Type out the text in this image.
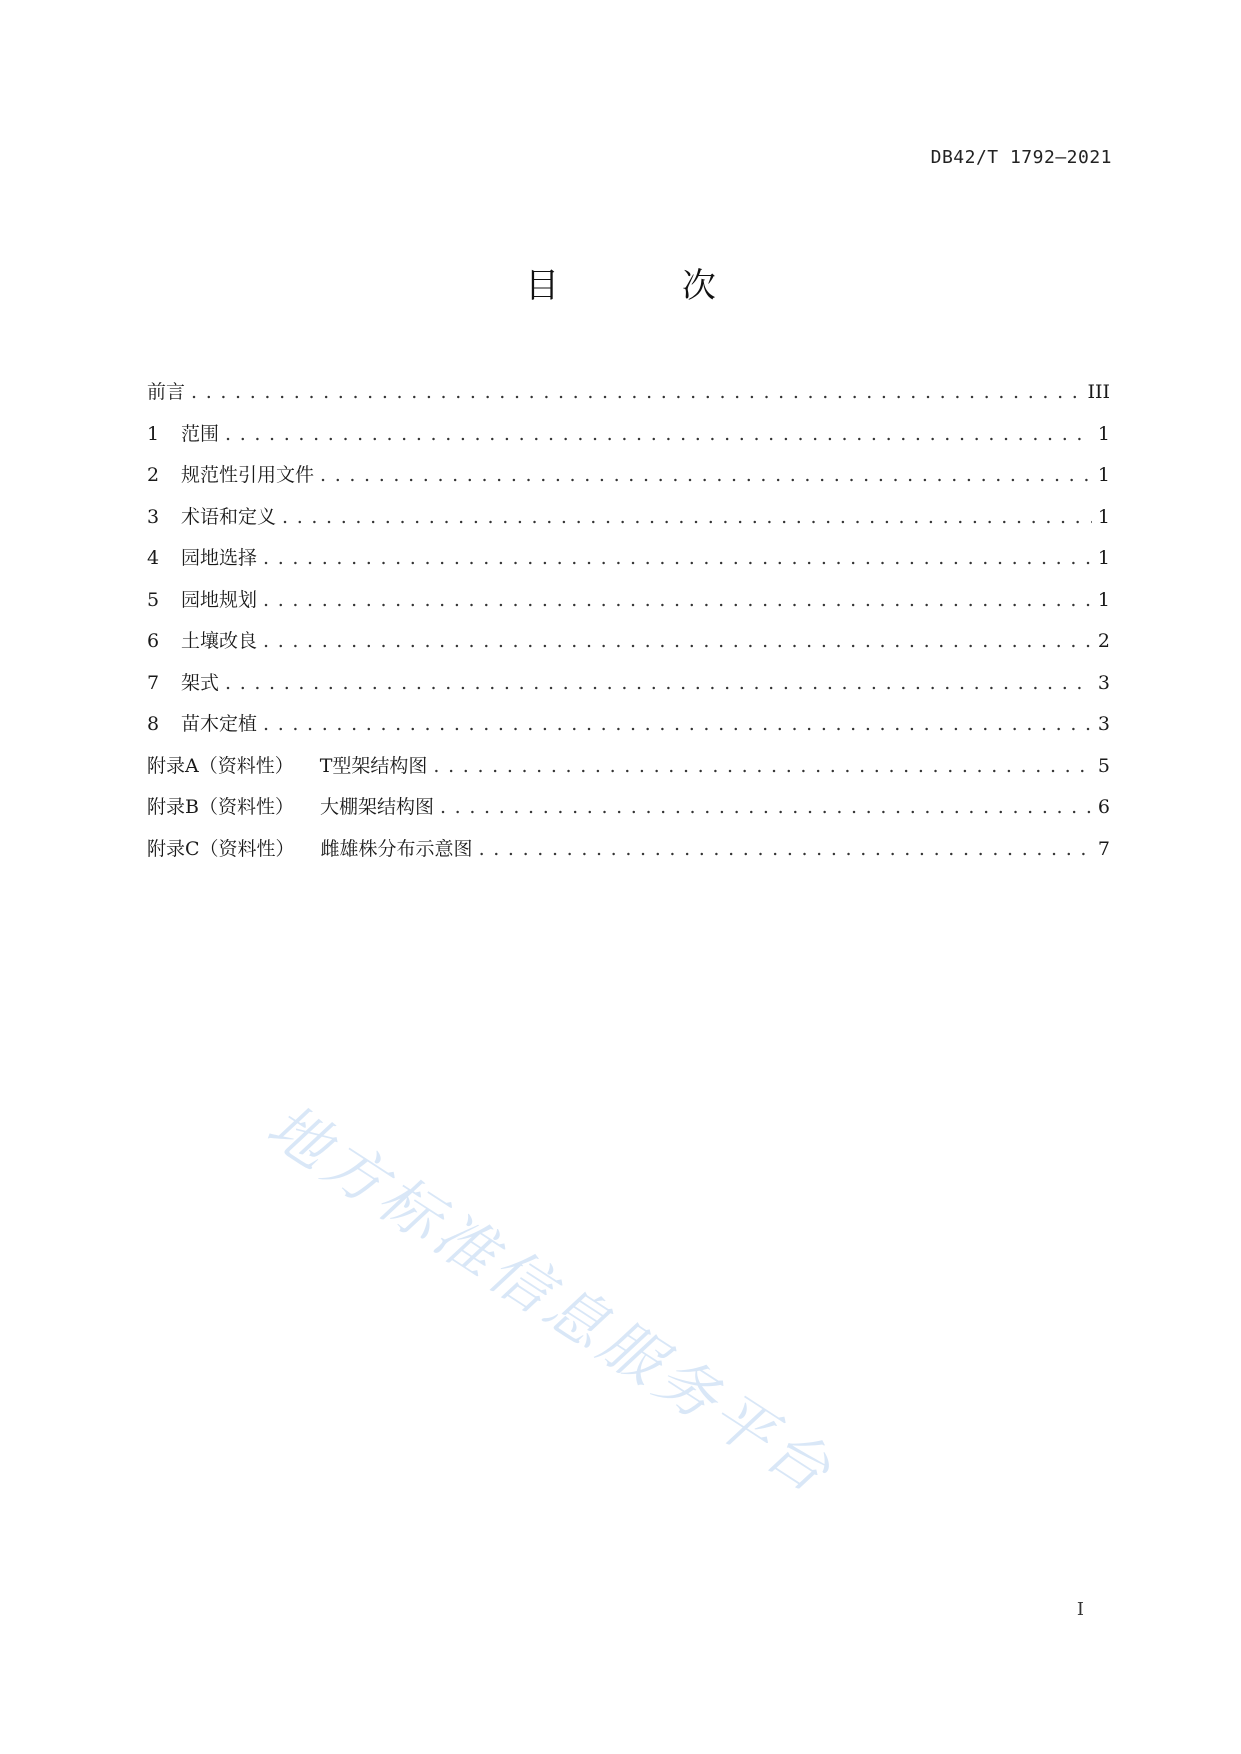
DB42/T 1792—2021
目 次
前言 . . .	III
1	范围 . . .	1
2	规范性引用文件 . . .	1
3	术语和定义 . . .	1
4	园地选择 . . .	1
5	园地规划 . . .	1
6	土壤改良 . . .	2
7	架式 . . .	3
8	苗木定植 . . .	3
附录A（资料性） T型架结构图 . . .	5
附录B（资料性） 大棚架结构图 . . .	6
附录C（资料性） 雌雄株分布示意图 . . .	7
地方标准信息服务平台
I
